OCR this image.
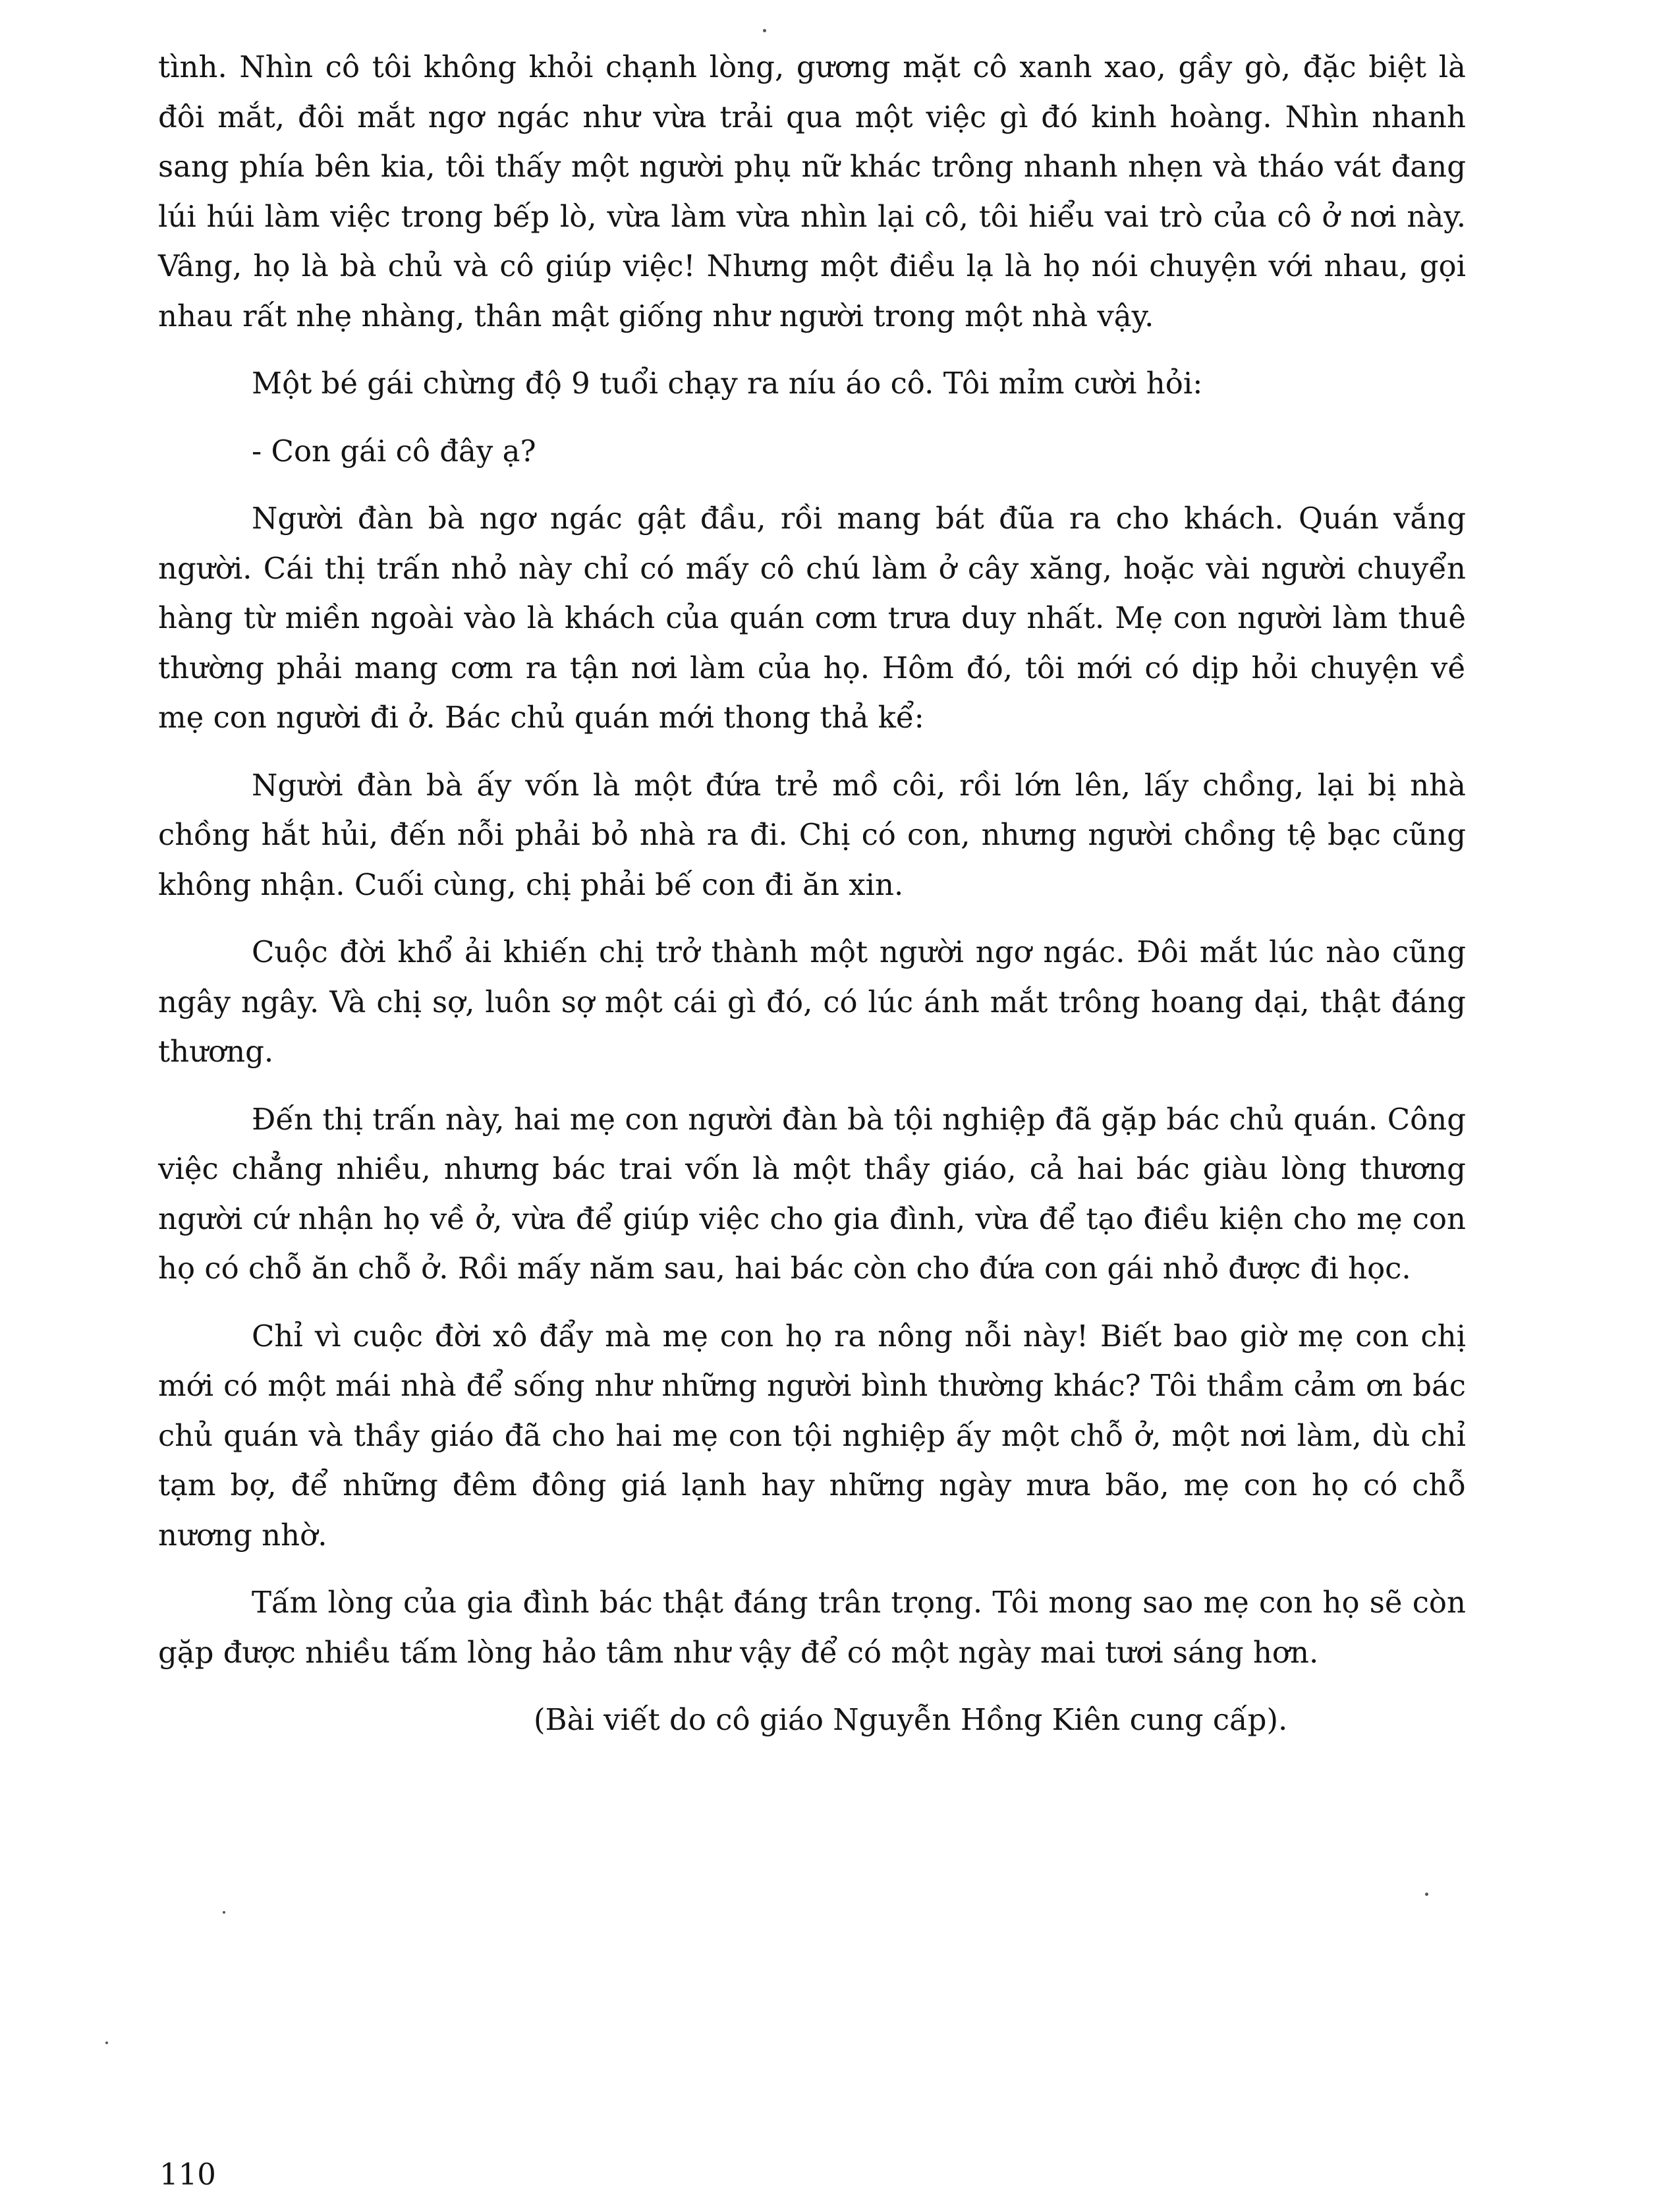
tình. Nhìn cô tôi không khỏi chạnh lòng, gương mặt cô xanh xao, gầy gò, đặc biệt là đôi mắt, đôi mắt ngơ ngác như vừa trải qua một việc gì đó kinh hoàng. Nhìn nhanh sang phía bên kia, tôi thấy một người phụ nữ khác trông nhanh nhẹn và tháo vát đang lúi húi làm việc trong bếp lò, vừa làm vừa nhìn lại cô, tôi hiểu vai trò của cô ở nơi này. Vâng, họ là bà chủ và cô giúp việc! Nhưng một điều lạ là họ nói chuyện với nhau, gọi nhau rất nhẹ nhàng, thân mật giống như người trong một nhà vậy.

Một bé gái chừng độ 9 tuổi chạy ra níu áo cô. Tôi mỉm cười hỏi:

- Con gái cô đây ạ?

Người đàn bà ngơ ngác gật đầu, rồi mang bát đũa ra cho khách. Quán vắng người. Cái thị trấn nhỏ này chỉ có mấy cô chú làm ở cây xăng, hoặc vài người chuyển hàng từ miền ngoài vào là khách của quán cơm trưa duy nhất. Mẹ con người làm thuê thường phải mang cơm ra tận nơi làm của họ. Hôm đó, tôi mới có dịp hỏi chuyện về mẹ con người đi ở. Bác chủ quán mới thong thả kể:

Người đàn bà ấy vốn là một đứa trẻ mồ côi, rồi lớn lên, lấy chồng, lại bị nhà chồng hắt hủi, đến nỗi phải bỏ nhà ra đi. Chị có con, nhưng người chồng tệ bạc cũng không nhận. Cuối cùng, chị phải bế con đi ăn xin.

Cuộc đời khổ ải khiến chị trở thành một người ngơ ngác. Đôi mắt lúc nào cũng ngây ngây. Và chị sợ, luôn sợ một cái gì đó, có lúc ánh mắt trông hoang dại, thật đáng thương.

Đến thị trấn này, hai mẹ con người đàn bà tội nghiệp đã gặp bác chủ quán. Công việc chẳng nhiều, nhưng bác trai vốn là một thầy giáo, cả hai bác giàu lòng thương người cứ nhận họ về ở, vừa để giúp việc cho gia đình, vừa để tạo điều kiện cho mẹ con họ có chỗ ăn chỗ ở. Rồi mấy năm sau, hai bác còn cho đứa con gái nhỏ được đi học.

Chỉ vì cuộc đời xô đẩy mà mẹ con họ ra nông nỗi này! Biết bao giờ mẹ con chị mới có một mái nhà để sống như những người bình thường khác? Tôi thầm cảm ơn bác chủ quán và thầy giáo đã cho hai mẹ con tội nghiệp ấy một chỗ ở, một nơi làm, dù chỉ tạm bợ, để những đêm đông giá lạnh hay những ngày mưa bão, mẹ con họ có chỗ nương nhờ.

Tấm lòng của gia đình bác thật đáng trân trọng. Tôi mong sao mẹ con họ sẽ còn gặp được nhiều tấm lòng hảo tâm như vậy để có một ngày mai tươi sáng hơn.

(Bài viết do cô giáo Nguyễn Hồng Kiên cung cấp).

110
